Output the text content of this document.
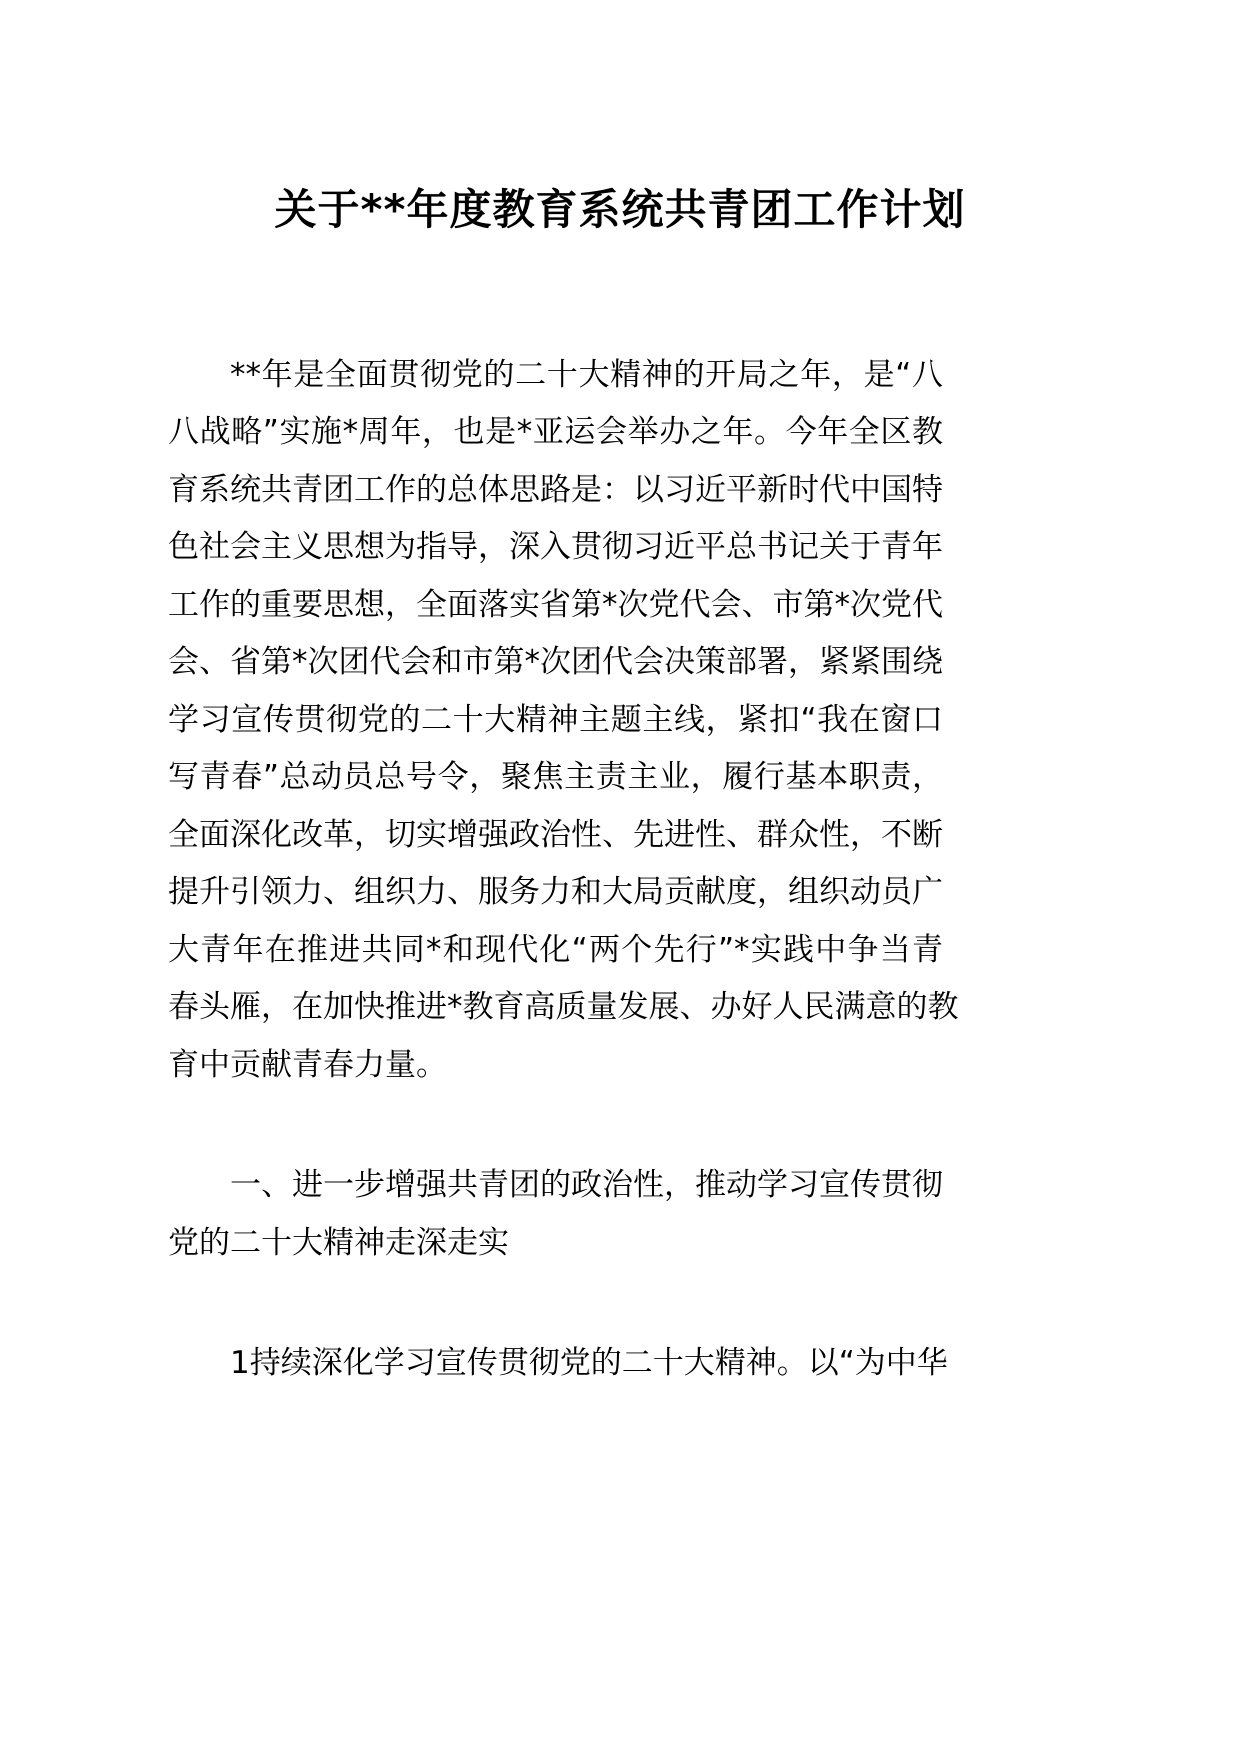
关于**年度教育系统共青团工作计划
**年是全面贯彻党的二十大精神的开局之年，是“八
八战略”实施*周年，也是*亚运会举办之年。今年全区教
育系统共青团工作的总体思路是：以习近平新时代中国特
色社会主义思想为指导，深入贯彻习近平总书记关于青年
工作的重要思想，全面落实省第*次党代会、市第*次党代
会、省第*次团代会和市第*次团代会决策部署，紧紧围绕
学习宣传贯彻党的二十大精神主题主线，紧扣“我在窗口
写青春”总动员总号令，聚焦主责主业，履行基本职责，
全面深化改革，切实增强政治性、先进性、群众性，不断
提升引领力、组织力、服务力和大局贡献度，组织动员广
大青年在推进共同*和现代化“两个先行”*实践中争当青
春头雁，在加快推进*教育高质量发展、办好人民满意的教
育中贡献青春力量。
一、进一步增强共青团的政治性，推动学习宣传贯彻
党的二十大精神走深走实
1持续深化学习宣传贯彻党的二十大精神。以“为中华
